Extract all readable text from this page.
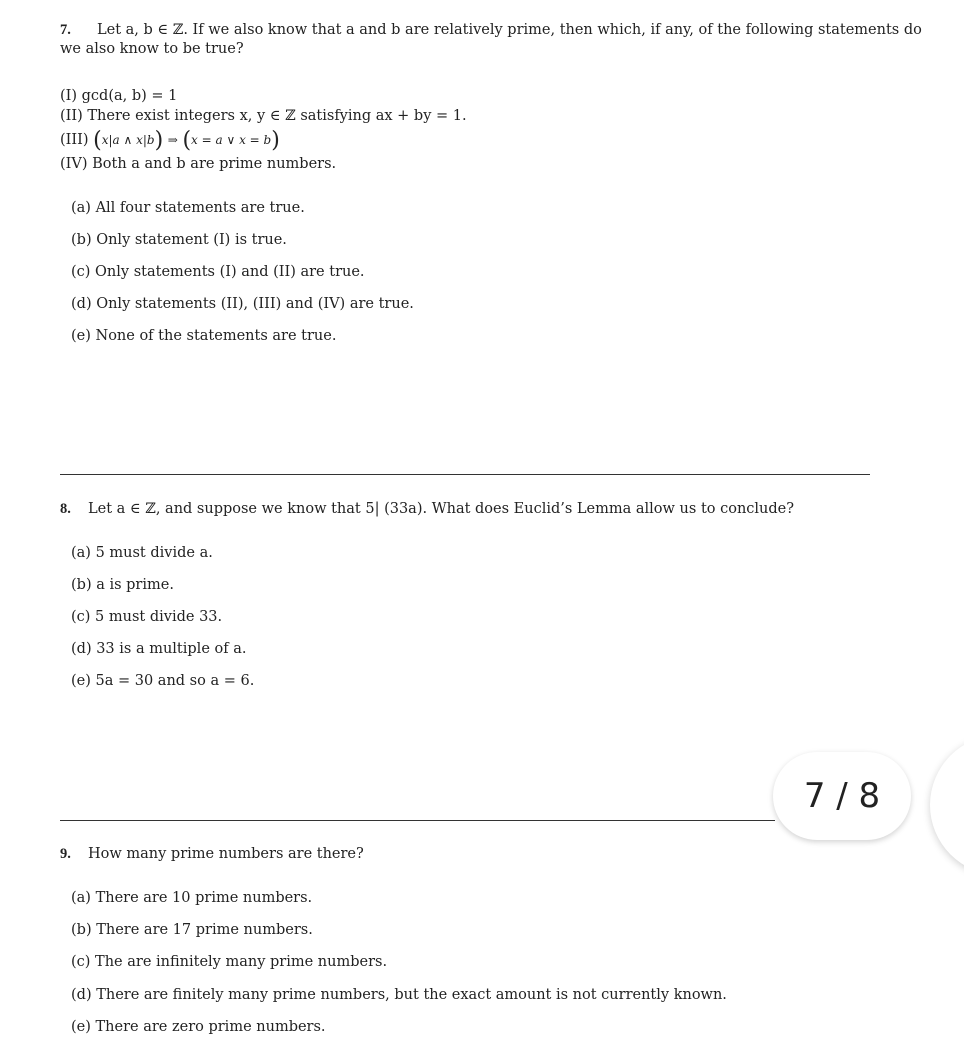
7. Let a, b ∈ ℤ. If we also know that a and b are relatively prime, then which, if any, of the following statements do
we also know to be true?
(I) gcd(a, b) = 1
(II) There exist integers x, y ∈ ℤ satisfying ax + by = 1.
(III) (x|a ∧ x|b) ⇒ (x = a ∨ x = b)
(IV) Both a and b are prime numbers.
(a) All four statements are true.
(b) Only statement (I) is true.
(c) Only statements (I) and (II) are true.
(d) Only statements (II), (III) and (IV) are true.
(e) None of the statements are true.
8. Let a ∈ ℤ, and suppose we know that 5| (33a). What does Euclid’s Lemma allow us to conclude?
(a) 5 must divide a.
(b) a is prime.
(c) 5 must divide 33.
(d) 33 is a multiple of a.
(e) 5a = 30 and so a = 6.
9. How many prime numbers are there?
(a) There are 10 prime numbers.
(b) There are 17 prime numbers.
(c) The are infinitely many prime numbers.
(d) There are finitely many prime numbers, but the exact amount is not currently known.
(e) There are zero prime numbers.
7 / 8
